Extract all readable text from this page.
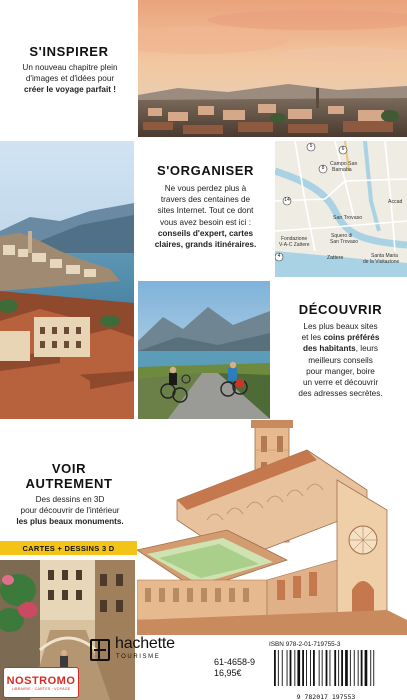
S'INSPIRER
Un nouveau chapitre plein
d'images et d'idées pour
créer le voyage parfait !
S'ORGANISER
Ne vous perdez plus à
travers des centaines de
sites Internet. Tout ce dont
vous avez besoin est ici :
conseils d'expert, cartes
claires, grands itinéraires.
5	6
8
14
4
Campo San
Barnaba
San Trovaso
Squero di
San Trovaso
Fondazione
V-A-C Zattere
Zattere	Santa Maria
de la Visitazione
Accad
DÉCOUVRIR
Les plus beaux sites
et les coins préférés
des habitants, leurs
meilleurs conseils
pour manger, boire
un verre et découvrir
des adresses secrètes.
VOIR
AUTREMENT
Des dessins en 3D
pour découvrir de l'intérieur
les plus beaux monuments.
CARTES + DESSINS 3 D
NOSTROMO
LIBRAIRIE · CARTES · VOYAGE
hachette
TOURISME
ISBN 978-2-01-719755-3
61-4658-9
16,95€
9 782017 197553
